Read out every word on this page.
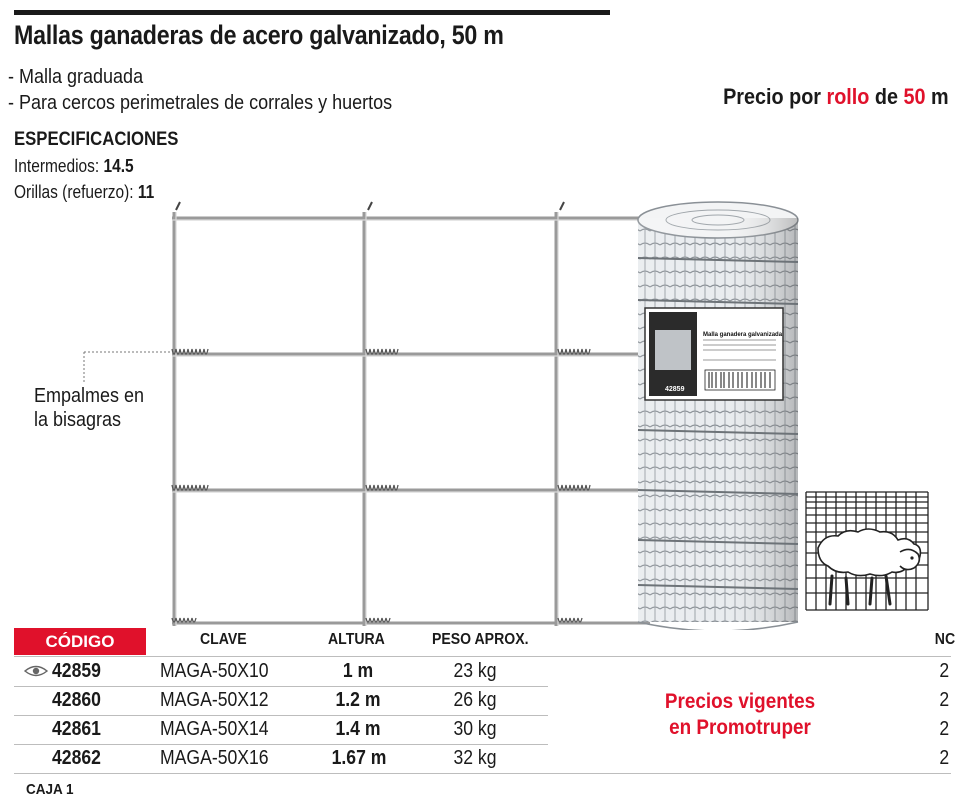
Mallas ganaderas de acero galvanizado, 50 m
- Malla graduada
- Para cercos perimetrales de corrales y huertos	Precio por rollo de 50 m
ESPECIFICACIONES
Intermedios: 14.5
Orillas (refuerzo): 11
FIERO
Malla ganadera galvanizada
42859
Empalmes en
la bisagras
CÓDIGO	CLAVE	ALTURA	PESO APROX.	NC
42859	MAGA-50X10	1 m	23 kg	2
42860	MAGA-50X12	1.2 m	26 kg	2
42861	MAGA-50X14	1.4 m	30 kg	2
42862	MAGA-50X16	1.67 m	32 kg	2
Precios vigentes
en Promotruper
CAJA 1
